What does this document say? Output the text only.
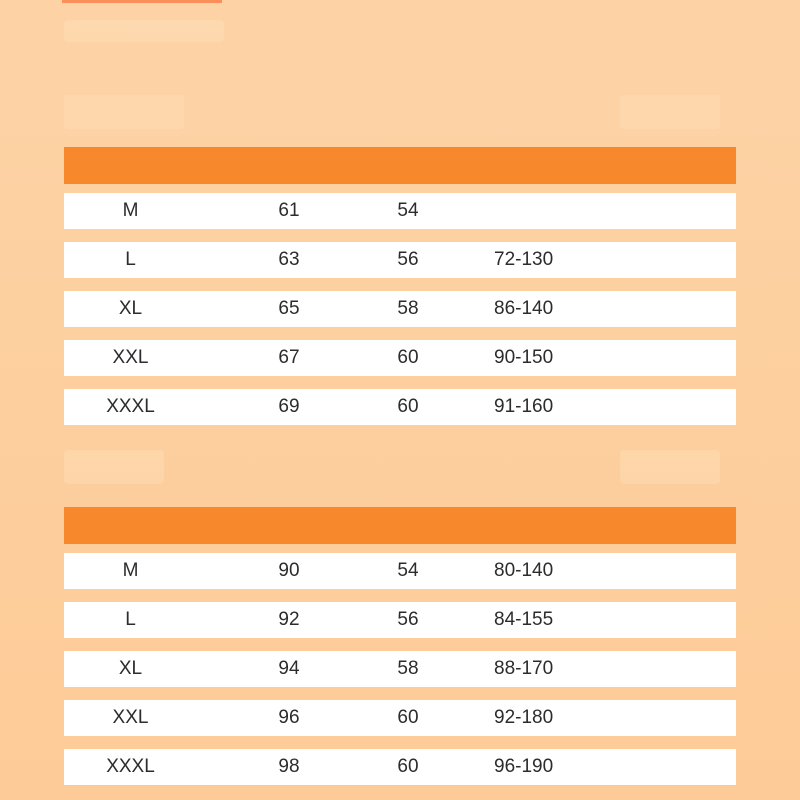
M	61	54
L	63	56	72-130
XL	65	58	86-140
XXL	67	60	90-150
XXXL	69	60	91-160
M	90	54	80-140
L	92	56	84-155
XL	94	58	88-170
XXL	96	60	92-180
XXXL	98	60	96-190
